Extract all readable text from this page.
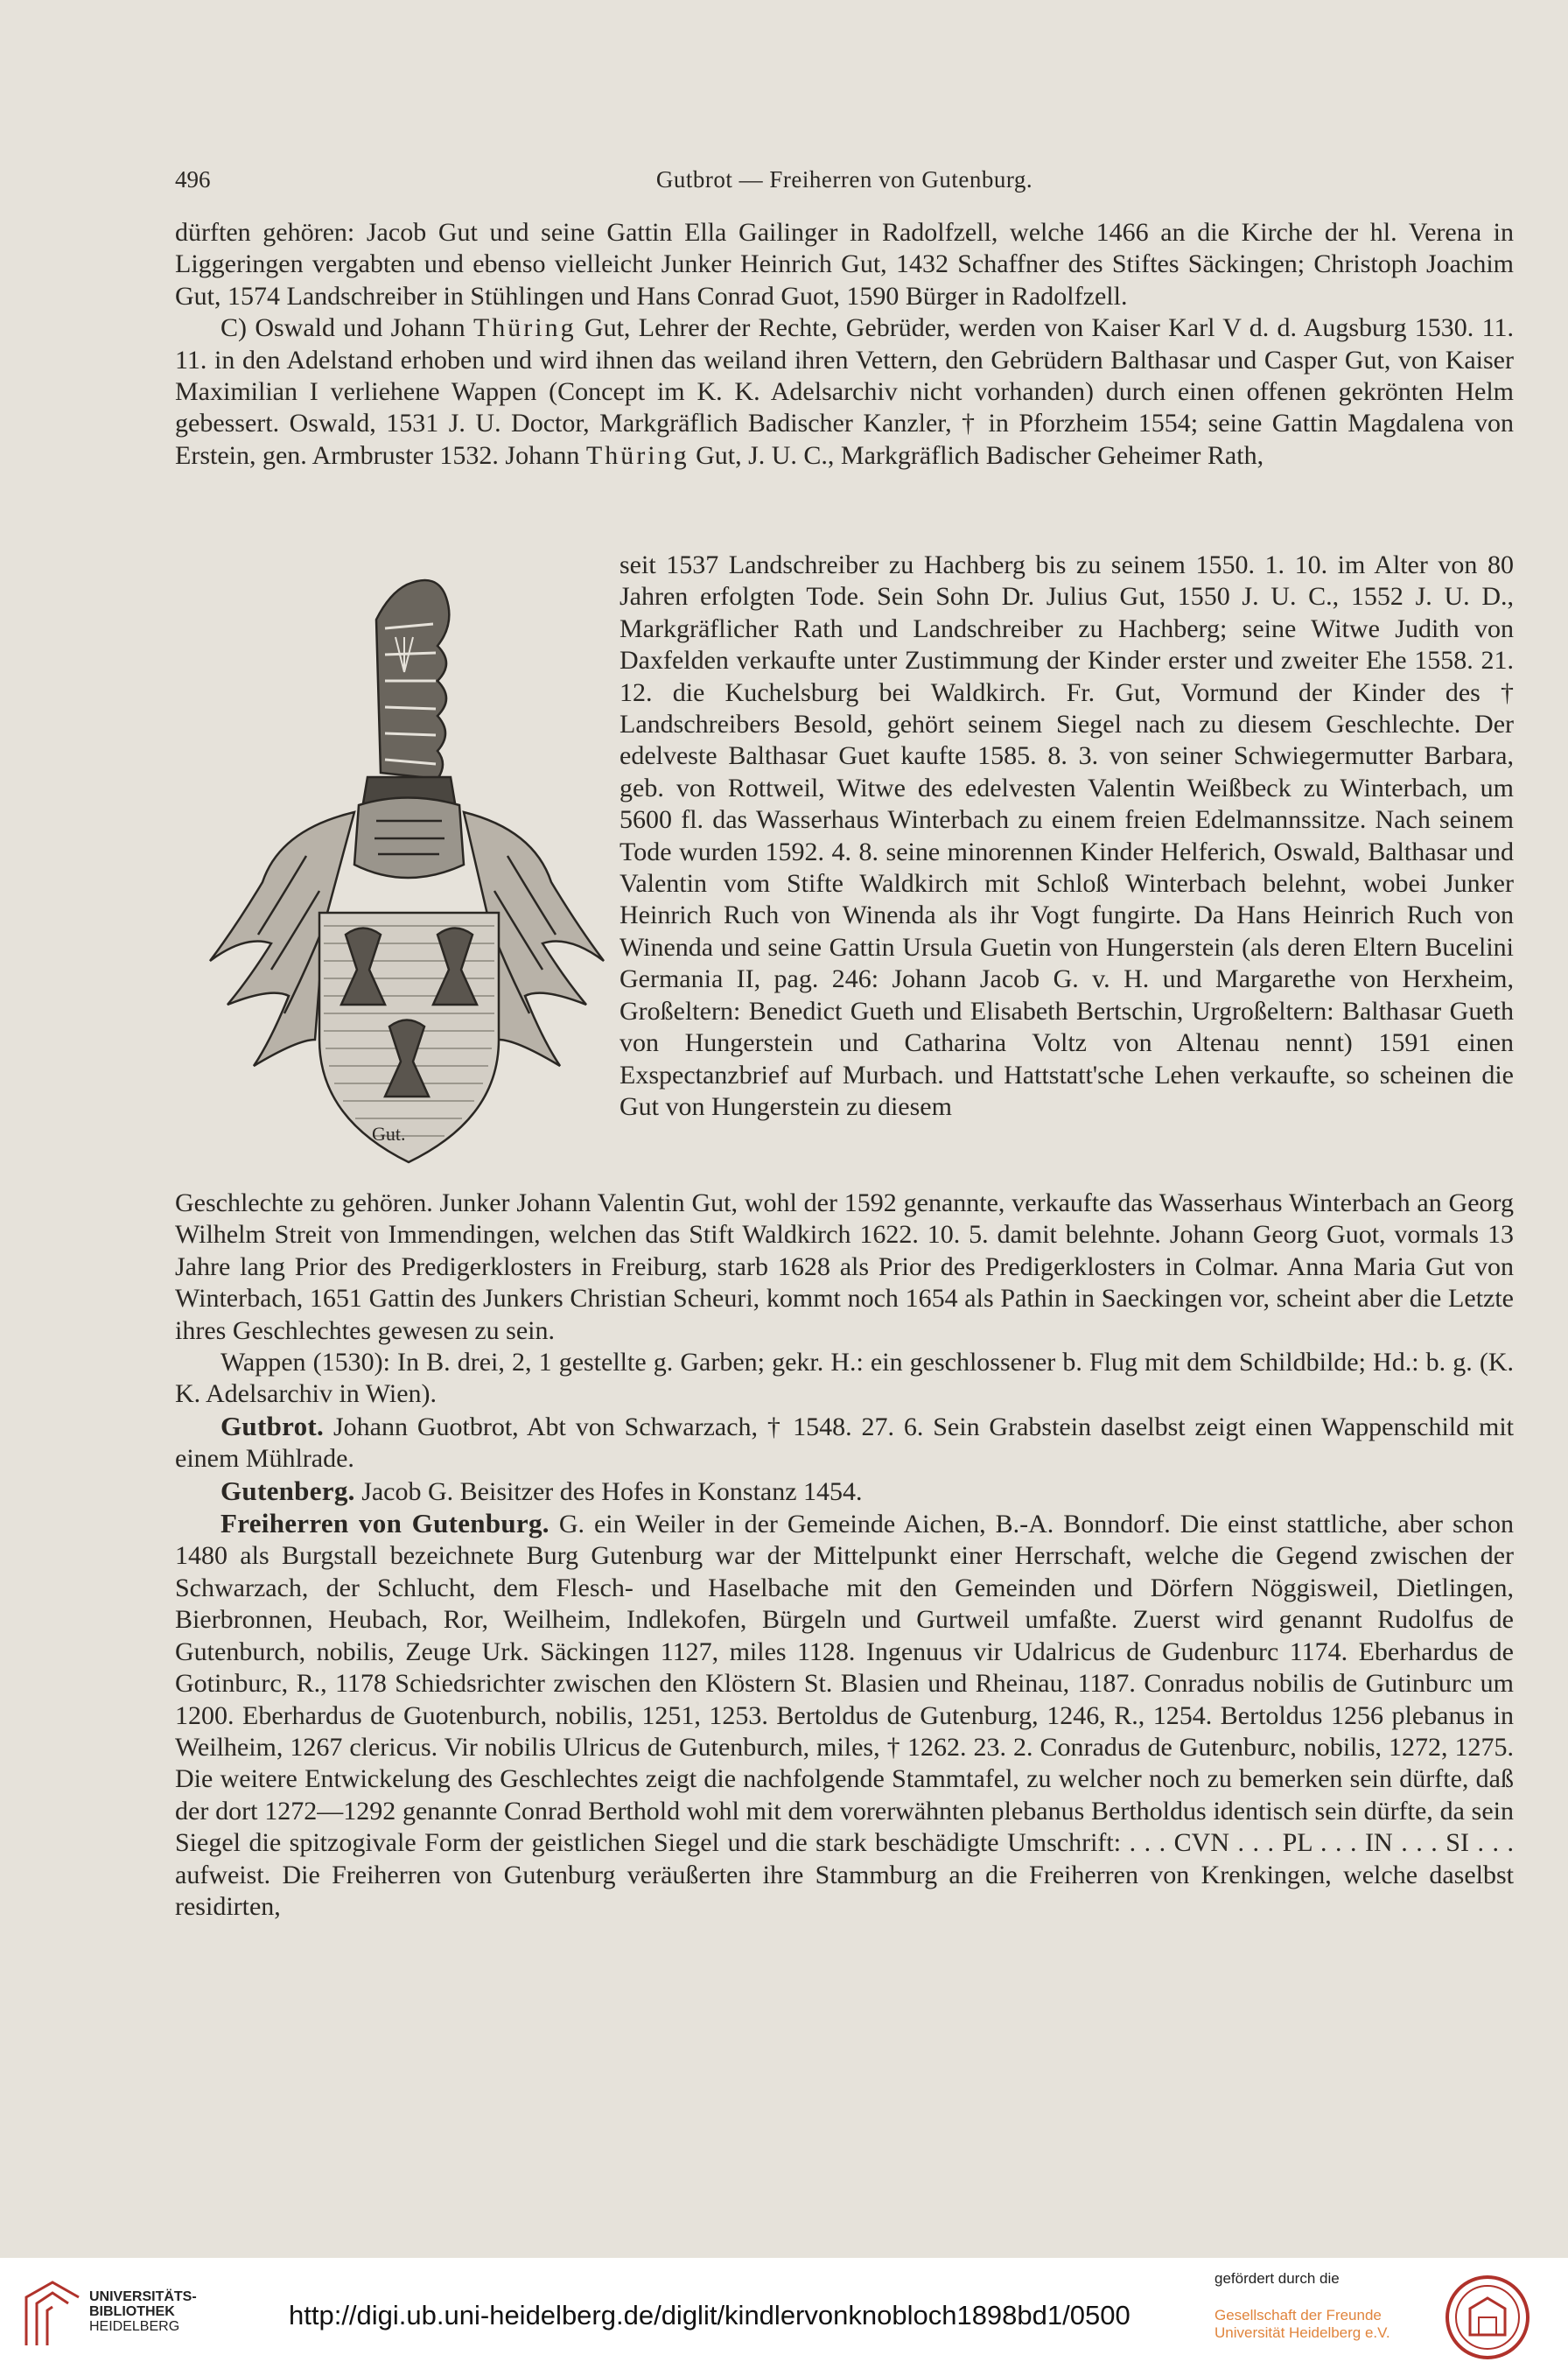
496	Gutbrot — Freiherren von Gutenburg.

dürften gehören: Jacob Gut und seine Gattin Ella Gailinger in Radolfzell, welche 1466 an die Kirche der hl. Verena in Liggeringen vergabten und ebenso vielleicht Junker Heinrich Gut, 1432 Schaffner des Stiftes Säckingen; Christoph Joachim Gut, 1574 Landschreiber in Stühlingen und Hans Conrad Guot, 1590 Bürger in Radolfzell.

C) Oswald und Johann Thüring Gut, Lehrer der Rechte, Gebrüder, werden von Kaiser Karl V d. d. Augsburg 1530. 11. 11. in den Adelstand erhoben und wird ihnen das weiland ihren Vettern, den Gebrüdern Balthasar und Casper Gut, von Kaiser Maximilian I verliehene Wappen (Concept im K. K. Adelsarchiv nicht vorhanden) durch einen offenen gekrönten Helm gebessert. Oswald, 1531 J. U. Doctor, Markgräflich Badischer Kanzler, † in Pforzheim 1554; seine Gattin Magdalena von Erstein, gen. Armbruster 1532. Johann Thüring Gut, J. U. C., Markgräflich Badischer Geheimer Rath,

Gut.

seit 1537 Landschreiber zu Hachberg bis zu seinem 1550. 1. 10. im Alter von 80 Jahren erfolgten Tode. Sein Sohn Dr. Julius Gut, 1550 J. U. C., 1552 J. U. D., Markgräflicher Rath und Landschreiber zu Hachberg; seine Witwe Judith von Daxfelden verkaufte unter Zustimmung der Kinder erster und zweiter Ehe 1558. 21. 12. die Kuchelsburg bei Waldkirch. Fr. Gut, Vormund der Kinder des † Landschreibers Besold, gehört seinem Siegel nach zu diesem Geschlechte. Der edelveste Balthasar Guet kaufte 1585. 8. 3. von seiner Schwiegermutter Barbara, geb. von Rottweil, Witwe des edelvesten Valentin Weißbeck zu Winterbach, um 5600 fl. das Wasserhaus Winterbach zu einem freien Edelmannssitze. Nach seinem Tode wurden 1592. 4. 8. seine minorennen Kinder Helferich, Oswald, Balthasar und Valentin vom Stifte Waldkirch mit Schloß Winterbach belehnt, wobei Junker Heinrich Ruch von Winenda als ihr Vogt fungirte. Da Hans Heinrich Ruch von Winenda und seine Gattin Ursula Guetin von Hungerstein (als deren Eltern Bucelini Germania II, pag. 246: Johann Jacob G. v. H. und Margarethe von Herxheim, Großeltern: Benedict Gueth und Elisabeth Bertschin, Urgroßeltern: Balthasar Gueth von Hungerstein und Catharina Voltz von Altenau nennt) 1591 einen Exspectanzbrief auf Murbach. und Hattstatt'sche Lehen verkaufte, so scheinen die Gut von Hungerstein zu diesem

Geschlechte zu gehören. Junker Johann Valentin Gut, wohl der 1592 genannte, verkaufte das Wasserhaus Winterbach an Georg Wilhelm Streit von Immendingen, welchen das Stift Waldkirch 1622. 10. 5. damit belehnte. Johann Georg Guot, vormals 13 Jahre lang Prior des Predigerklosters in Freiburg, starb 1628 als Prior des Predigerklosters in Colmar. Anna Maria Gut von Winterbach, 1651 Gattin des Junkers Christian Scheuri, kommt noch 1654 als Pathin in Saeckingen vor, scheint aber die Letzte ihres Geschlechtes gewesen zu sein.

Wappen (1530): In B. drei, 2, 1 gestellte g. Garben; gekr. H.: ein geschlossener b. Flug mit dem Schildbilde; Hd.: b. g. (K. K. Adelsarchiv in Wien).

Gutbrot. Johann Guotbrot, Abt von Schwarzach, † 1548. 27. 6. Sein Grabstein daselbst zeigt einen Wappenschild mit einem Mühlrade.

Gutenberg. Jacob G. Beisitzer des Hofes in Konstanz 1454.

Freiherren von Gutenburg. G. ein Weiler in der Gemeinde Aichen, B.-A. Bonndorf. Die einst stattliche, aber schon 1480 als Burgstall bezeichnete Burg Gutenburg war der Mittelpunkt einer Herrschaft, welche die Gegend zwischen der Schwarzach, der Schlucht, dem Flesch- und Haselbache mit den Gemeinden und Dörfern Nöggisweil, Dietlingen, Bierbronnen, Heubach, Ror, Weilheim, Indlekofen, Bürgeln und Gurtweil umfaßte. Zuerst wird genannt Rudolfus de Gutenburch, nobilis, Zeuge Urk. Säckingen 1127, miles 1128. Ingenuus vir Udalricus de Gudenburc 1174. Eberhardus de Gotinburc, R., 1178 Schiedsrichter zwischen den Klöstern St. Blasien und Rheinau, 1187. Conradus nobilis de Gutinburc um 1200. Eberhardus de Guotenburch, nobilis, 1251, 1253. Bertoldus de Gutenburg, 1246, R., 1254. Bertoldus 1256 plebanus in Weilheim, 1267 clericus. Vir nobilis Ulricus de Gutenburch, miles, † 1262. 23. 2. Conradus de Gutenburc, nobilis, 1272, 1275. Die weitere Entwickelung des Geschlechtes zeigt die nachfolgende Stammtafel, zu welcher noch zu bemerken sein dürfte, daß der dort 1272—1292 genannte Conrad Berthold wohl mit dem vorerwähnten plebanus Bertholdus identisch sein dürfte, da sein Siegel die spitzogivale Form der geistlichen Siegel und die stark beschädigte Umschrift: . . . CVN . . . PL . . . IN . . . SI . . . aufweist. Die Freiherren von Gutenburg veräußerten ihre Stammburg an die Freiherren von Krenkingen, welche daselbst residirten,

UNIVERSITÄTS-
BIBLIOTHEK
HEIDELBERG	http://digi.ub.uni-heidelberg.de/diglit/kindlervonknobloch1898bd1/0500
gefördert durch die
Gesellschaft der Freunde
Universität Heidelberg e.V.
